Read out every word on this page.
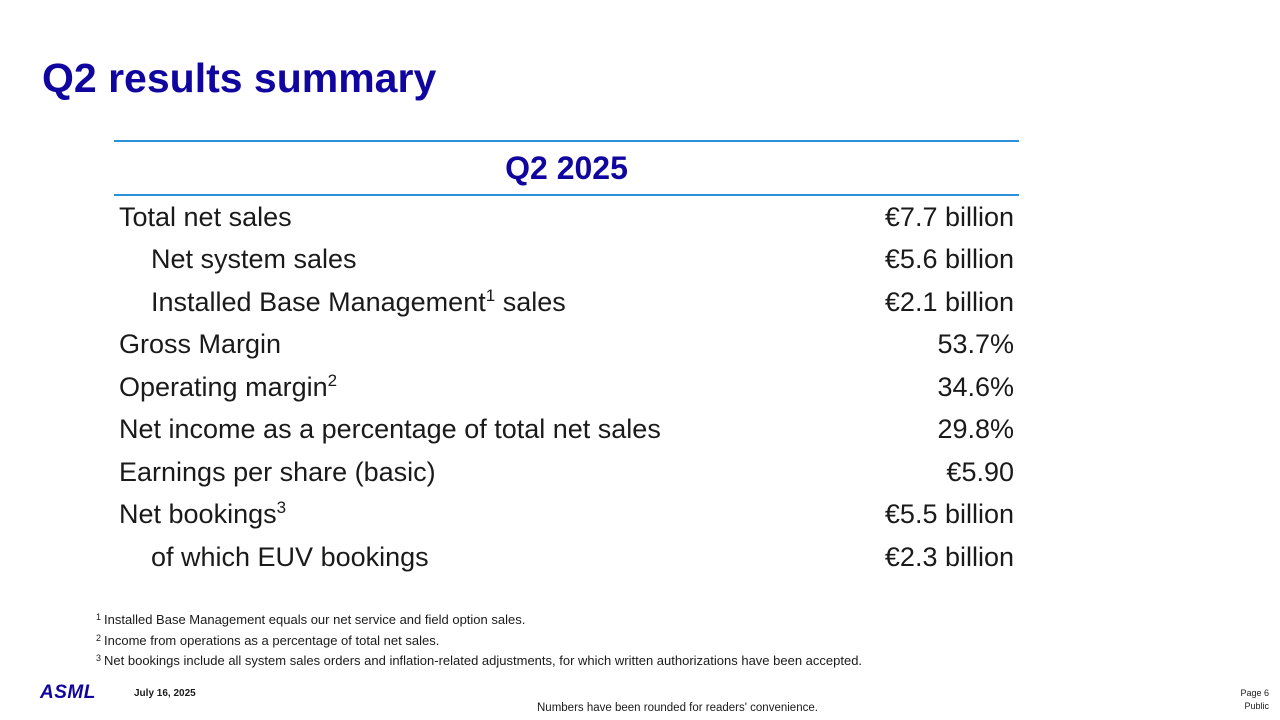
Q2 results summary
Q2 2025
Total net sales	€7.7 billion
Net system sales	€5.6 billion
Installed Base Management$^1$ sales	€2.1 billion
Gross Margin	53.7%
Operating margin$^2$	34.6%
Net income as a percentage of total net sales	29.8%
Earnings per share (basic)	€5.90
Net bookings$^3$	€5.5 billion
of which EUV bookings	€2.3 billion
$^1$ Installed Base Management equals our net service and field option sales.
$^2$ Income from operations as a percentage of total net sales.
$^3$ Net bookings include all system sales orders and inflation-related adjustments, for which written authorizations have been accepted.
ASML	July 16, 2025
Numbers have been rounded for readers' convenience.
Page 6
Public
